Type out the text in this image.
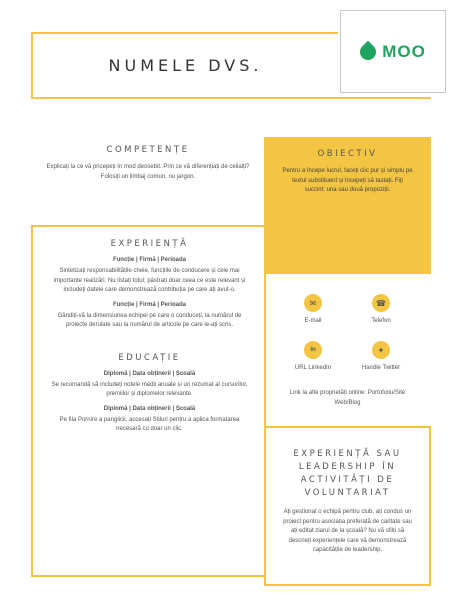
NUMELE DVS.
MOO
COMPETENȚE
Explicați la ce vă pricepeți în mod deosebit. Prin ce vă diferențiați de ceilalți? Folosiți un limbaj comun, nu jargon.
OBIECTIV
Pentru a începe lucrul, faceți clic pur și simplu pe textul substituent și începeți să tastați. Fiți succint: una sau două propoziții.
EXPERIENȚĂ
Funcție | Firmă | Perioada
Sintetizați responsabilitățile cheie, funcțiile de conducere și cele mai importante realizări. Nu listați totul; păstrați doar ceea ce este relevant și includeți datele care demonstrează contribuția pe care ați avut-o.
Funcție | Firmă | Perioada
Gândiți-vă la dimensiunea echipei pe care o conduceți, la numărul de proiecte derulate sau la numărul de articole pe care le-ați scris.
EDUCAȚIE
Diplomă | Data obținerii | Școală
Se recomandă să includeți notele medii anuale și un rezumat al cursurilor, premiilor și diplomelor relevante.
Diplomă | Data obținerii | Școală
Pe fila Pornire a panglicii, accesați Stiluri pentru a aplica formatarea necesară cu doar un clic.
✉
E-mail
☎
Telefon
in
URL LinkedIn
✦
Handle Twitter
Link la alte proprietăți online: Portofoliu/Site Web/Blog
EXPERIENȚĂ SAU LEADERSHIP ÎN ACTIVITĂȚI DE VOLUNTARIAT
Ați gestionat o echipă pentru club, ați condus un proiect pentru asociația preferată de caritate sau ați editat ziarul de la școală? Nu vă sfiiți să descrieți experiențele care vă demonstrează capacitățile de leadership.
